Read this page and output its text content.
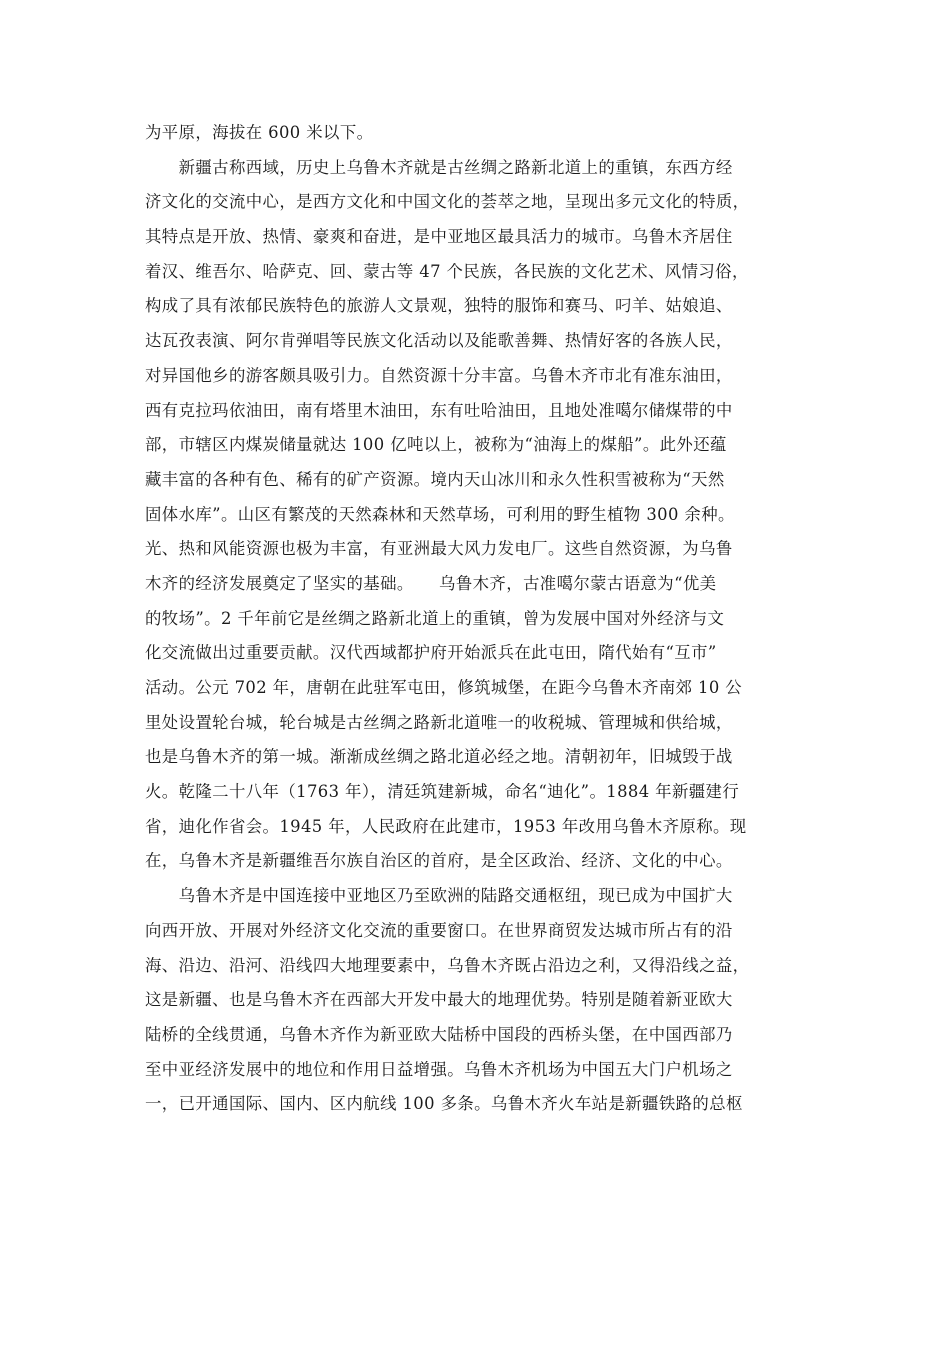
为平原，海拔在 600 米以下。
　　新疆古称西域，历史上乌鲁木齐就是古丝绸之路新北道上的重镇，东西方经
济文化的交流中心，是西方文化和中国文化的荟萃之地，呈现出多元文化的特质，
其特点是开放、热情、豪爽和奋进，是中亚地区最具活力的城市。乌鲁木齐居住
着汉、维吾尔、哈萨克、回、蒙古等 47 个民族，各民族的文化艺术、风情习俗，
构成了具有浓郁民族特色的旅游人文景观，独特的服饰和赛马、叼羊、姑娘追、
达瓦孜表演、阿尔肯弹唱等民族文化活动以及能歌善舞、热情好客的各族人民，
对异国他乡的游客颇具吸引力。自然资源十分丰富。乌鲁木齐市北有准东油田，
西有克拉玛依油田，南有塔里木油田，东有吐哈油田，且地处准噶尔储煤带的中
部，市辖区内煤炭储量就达 100 亿吨以上，被称为“油海上的煤船”。此外还蕴
藏丰富的各种有色、稀有的矿产资源。境内天山冰川和永久性积雪被称为“天然
固体水库”。山区有繁茂的天然森林和天然草场，可利用的野生植物 300 余种。
光、热和风能资源也极为丰富，有亚洲最大风力发电厂。这些自然资源，为乌鲁
木齐的经济发展奠定了坚实的基础。　　乌鲁木齐，古准噶尔蒙古语意为“优美
的牧场”。2 千年前它是丝绸之路新北道上的重镇，曾为发展中国对外经济与文
化交流做出过重要贡献。汉代西域都护府开始派兵在此屯田，隋代始有“互市”
活动。公元 702 年，唐朝在此驻军屯田，修筑城堡，在距今乌鲁木齐南郊 10 公
里处设置轮台城，轮台城是古丝绸之路新北道唯一的收税城、管理城和供给城，
也是乌鲁木齐的第一城。渐渐成丝绸之路北道必经之地。清朝初年，旧城毁于战
火。乾隆二十八年（1763 年），清廷筑建新城，命名“迪化”。1884 年新疆建行
省，迪化作省会。1945 年，人民政府在此建市，1953 年改用乌鲁木齐原称。现
在，乌鲁木齐是新疆维吾尔族自治区的首府，是全区政治、经济、文化的中心。
　　乌鲁木齐是中国连接中亚地区乃至欧洲的陆路交通枢纽，现已成为中国扩大
向西开放、开展对外经济文化交流的重要窗口。在世界商贸发达城市所占有的沿
海、沿边、沿河、沿线四大地理要素中，乌鲁木齐既占沿边之利，又得沿线之益，
这是新疆、也是乌鲁木齐在西部大开发中最大的地理优势。特别是随着新亚欧大
陆桥的全线贯通，乌鲁木齐作为新亚欧大陆桥中国段的西桥头堡，在中国西部乃
至中亚经济发展中的地位和作用日益增强。乌鲁木齐机场为中国五大门户机场之
一，已开通国际、国内、区内航线 100 多条。乌鲁木齐火车站是新疆铁路的总枢
